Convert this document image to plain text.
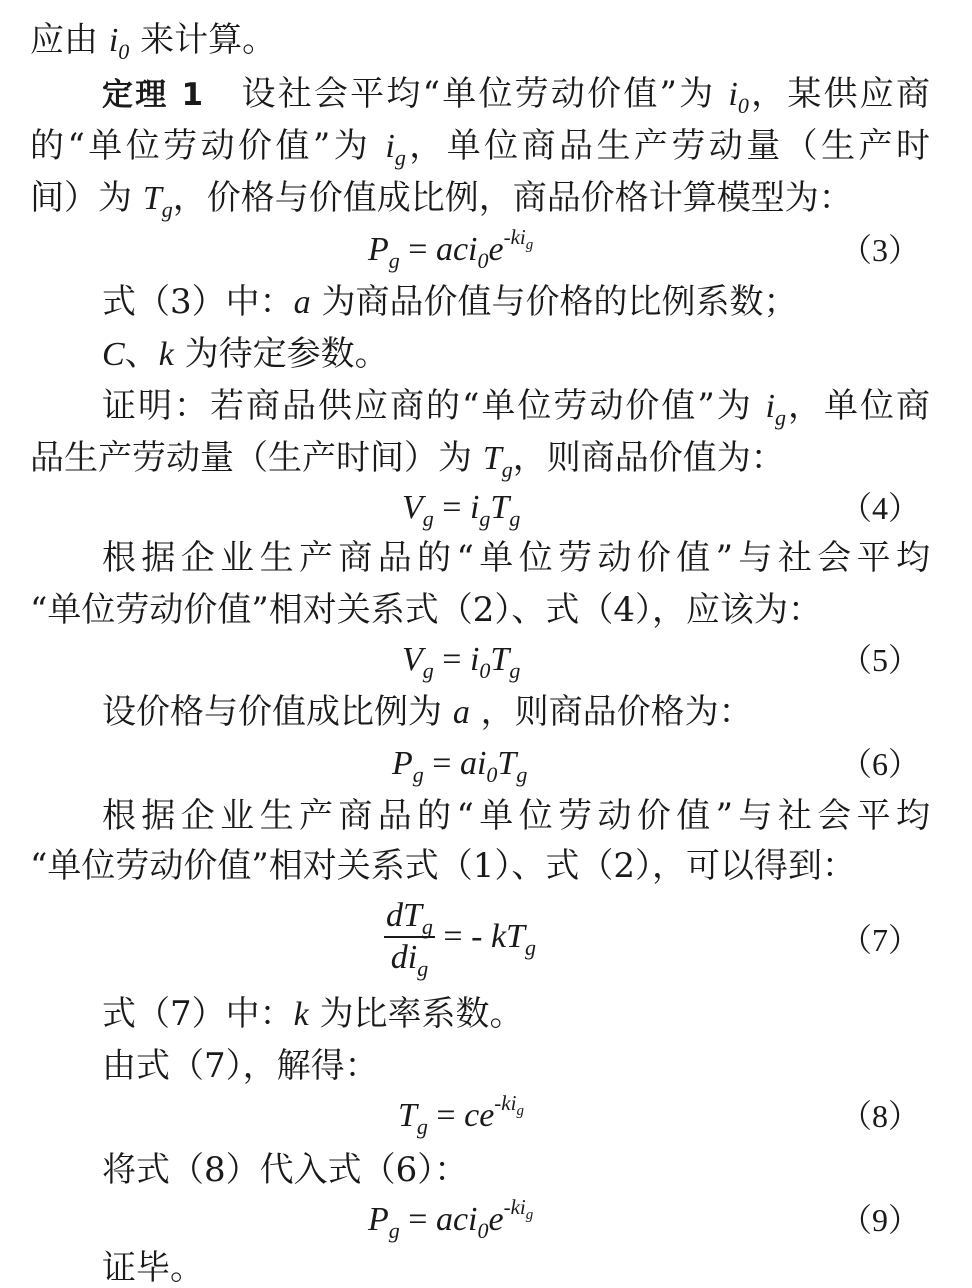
应由 $i_0$ 来计算。
定理 1　设社会平均“单位劳动价值”为 $i_0$，某供应商
的“单位劳动价值”为 $i_g$，单位商品生产劳动量（生产时
间）为 $T_g$，价格与价值成比例，商品价格计算模型为：
$P_g = aci_0e^{-ki_g}$	（3）
式（3）中：a 为商品价值与价格的比例系数；
C、k 为待定参数。
证明：若商品供应商的“单位劳动价值”为 $i_g$，单位商
品生产劳动量（生产时间）为 $T_g$，则商品价值为：
$V_g = i_gT_g$	（4）
根据企业生产商品的“单位劳动价值”与社会平均
“单位劳动价值”相对关系式（2）、式（4），应该为：
$V_g = i_0T_g$	（5）
设价格与价值成比例为 a ，则商品价格为：
$P_g = ai_0T_g$	（6）
根据企业生产商品的“单位劳动价值”与社会平均
“单位劳动价值”相对关系式（1）、式（2），可以得到：
$\frac{dT_g}{di_g}$ = - $kT_g$	（7）
式（7）中：k 为比率系数。
由式（7），解得：
$T_g = ce^{-ki_g}$	（8）
将式（8）代入式（6）：
$P_g = aci_0e^{-ki_g}$	（9）
证毕。
